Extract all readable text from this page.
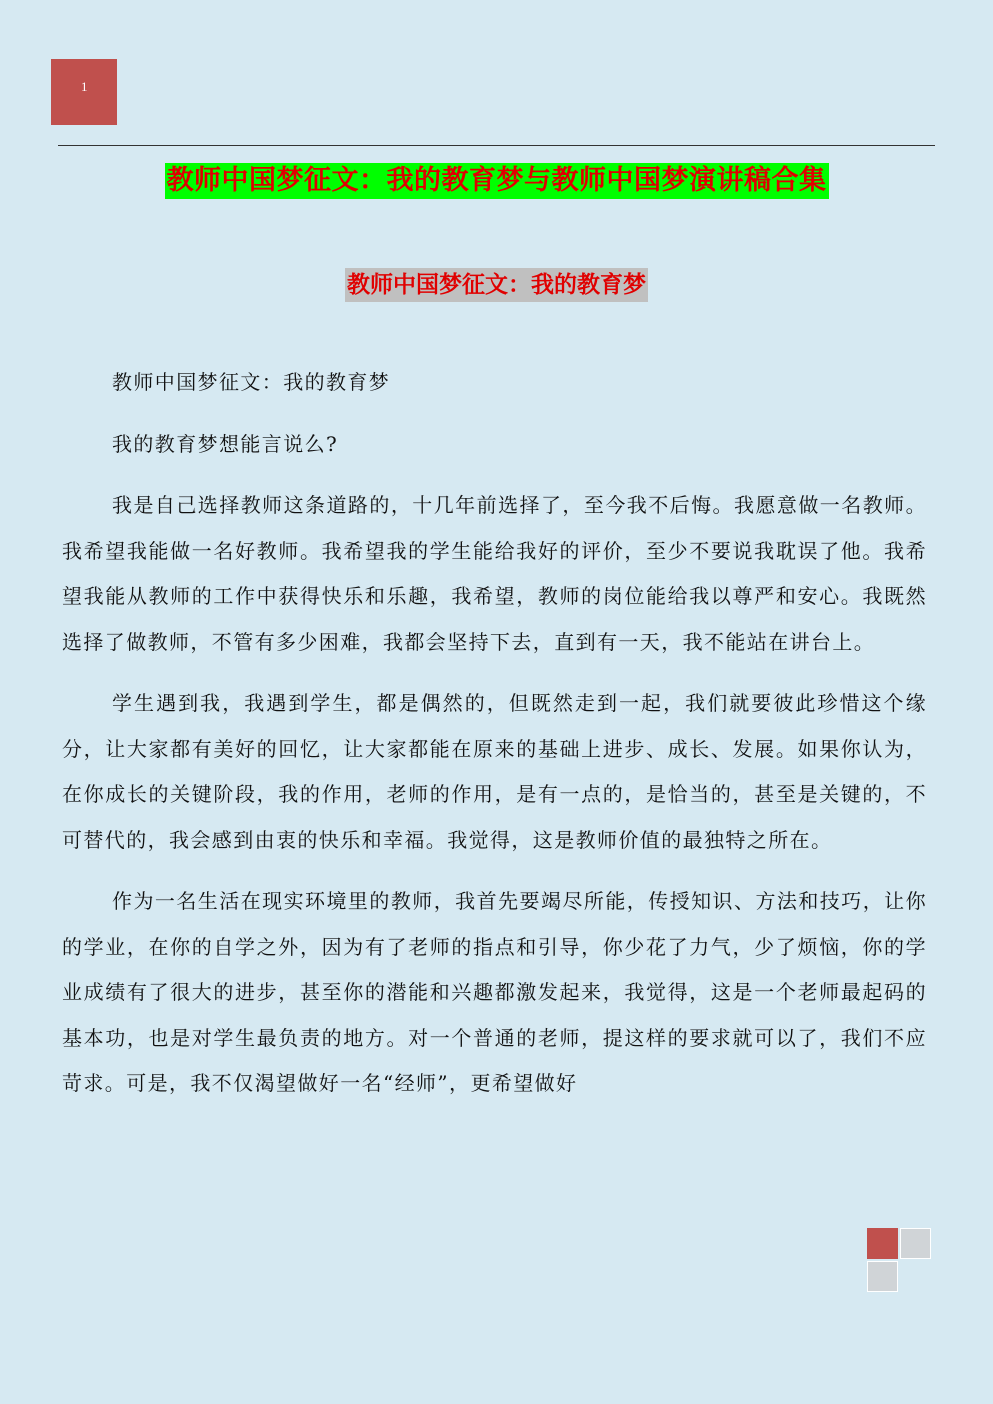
1
教师中国梦征文：我的教育梦与教师中国梦演讲稿合集
教师中国梦征文：我的教育梦

教师中国梦征文：我的教育梦

我的教育梦想能言说么?

我是自己选择教师这条道路的，十几年前选择了，至今我不后悔。我愿意做一名教师。我希望我能做一名好教师。我希望我的学生能给我好的评价，至少不要说我耽误了他。我希望我能从教师的工作中获得快乐和乐趣，我希望，教师的岗位能给我以尊严和安心。我既然选择了做教师，不管有多少困难，我都会坚持下去，直到有一天，我不能站在讲台上。

学生遇到我，我遇到学生，都是偶然的，但既然走到一起，我们就要彼此珍惜这个缘分，让大家都有美好的回忆，让大家都能在原来的基础上进步、成长、发展。如果你认为，在你成长的关键阶段，我的作用，老师的作用，是有一点的，是恰当的，甚至是关键的，不可替代的，我会感到由衷的快乐和幸福。我觉得，这是教师价值的最独特之所在。

作为一名生活在现实环境里的教师，我首先要竭尽所能，传授知识、方法和技巧，让你的学业，在你的自学之外，因为有了老师的指点和引导，你少花了力气，少了烦恼，你的学业成绩有了很大的进步，甚至你的潜能和兴趣都激发起来，我觉得，这是一个老师最起码的基本功，也是对学生最负责的地方。对一个普通的老师，提这样的要求就可以了，我们不应苛求。可是，我不仅渴望做好一名“经师”，更希望做好
